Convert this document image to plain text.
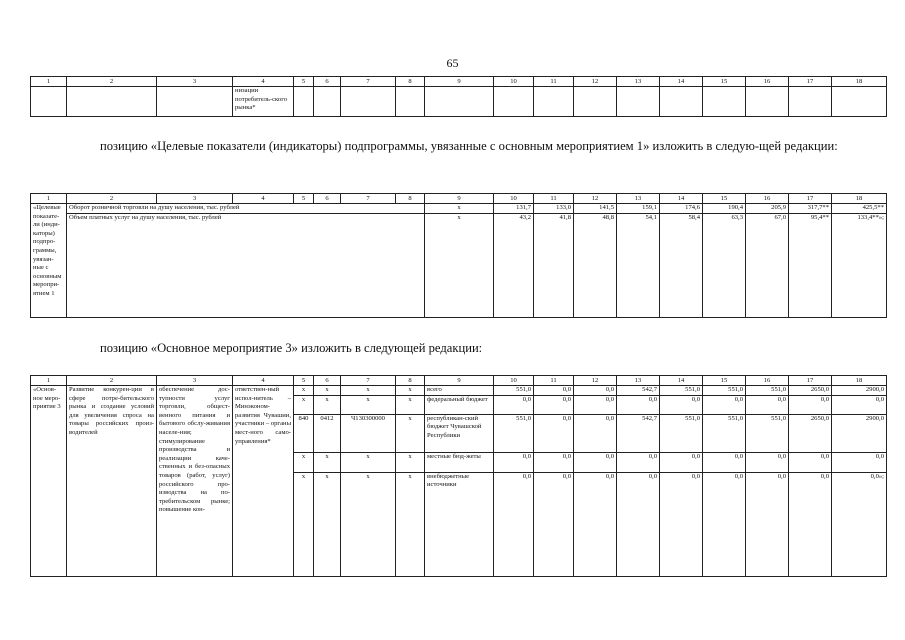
65
1	2	3	4	5	6	7	8	9	10	11	12	13	14	15	16	17	18
			низации потребитель-ского рынка*														
позицию «Целевые показатели (индикаторы) подпрограммы, увязанные с основным мероприятием 1» изложить в следую-щей редакции:
1	2	3	4	5	6	7	8	9	10	11	12	13	14	15	16	17	18
«Целевые показате-ли (инди-каторы) подпро-граммы, увязан-ные с основным меропри-ятием 1	Оборот розничной торговли на душу населения, тыс. рублей							x	131,7	133,0	141,5	159,1	174,6	190,4	205,9	317,7**	425,5**
	Объем платных услуг на душу населения, тыс. рублей							x	43,2	41,8	48,8	54,1	58,4	63,3	67,0	95,4**	133,4**»;
позицию «Основное мероприятие 3» изложить в следующей редакции:
1	2	3	4	5	6	7	8	9	10	11	12	13	14	15	16	17	18
«Основ-ное меро-приятие 3	Развитие конкурен-ции в сфере потре-бительского рынка и создание условий для увеличения спроса на товары российских произ-водителей	обеспечение дос-тупности услуг торговли, общест-венного питания и бытового обслу-живания населе-ния; стимулирование производства и реализации каче-ственных и без-опасных товаров (работ, услуг) российского про-изводства на по-требительском рынке; повышение кон-	ответствен-ный испол-нитель – Минэконом-развития Чувашии, участники – органы мест-ного само-управления*	x	x	x	x	всего	551,0	0,0	0,0	542,7	551,0	551,0	551,0	2650,0	2900,0
				x	x	x	x	федеральный бюджет	0,0	0,0	0,0	0,0	0,0	0,0	0,0	0,0	0,0
				840	0412	Ч130300000	x	республикан-ский бюджет Чувашской Республики	551,0	0,0	0,0	542,7	551,0	551,0	551,0	2650,0	2900,0
				x	x	x	x	местные бюд-жеты	0,0	0,0	0,0	0,0	0,0	0,0	0,0	0,0	0,0
				x	x	x	x	внебюджетные источники	0,0	0,0	0,0	0,0	0,0	0,0	0,0	0,0	0,0»;
